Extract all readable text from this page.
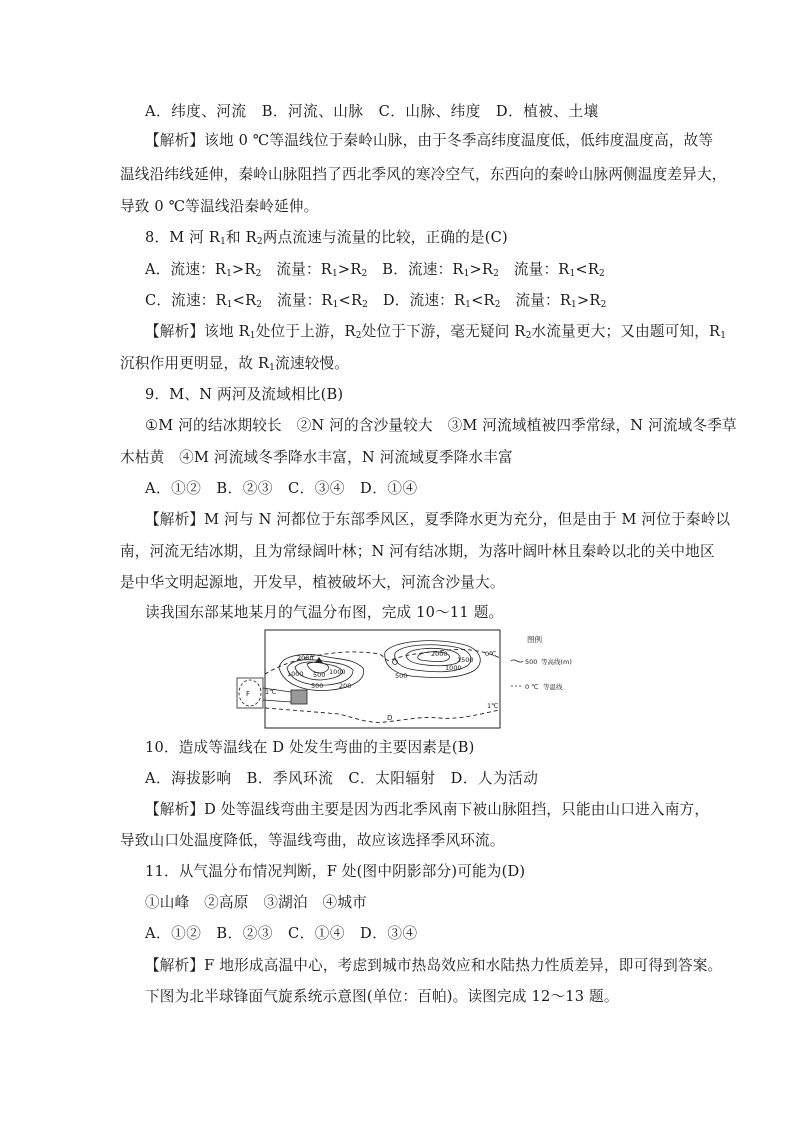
A．纬度、河流　B．河流、山脉　C．山脉、纬度　D．植被、土壤
【解析】该地 0 ℃等温线位于秦岭山脉，由于冬季高纬度温度低，低纬度温度高，故等
温线沿纬线延伸，秦岭山脉阻挡了西北季风的寒冷空气，东西向的秦岭山脉两侧温度差异大，
导致 0 ℃等温线沿秦岭延伸。
8．M 河 $R_1$和 $R_2$两点流速与流量的比较，正确的是(C)
A．流速：$R_1>R_2$　流量：$R_1>R_2$　B．流速：$R_1>R_2$　流量：$R_1<R_2$
C．流速：$R_1<R_2$　流量：$R_1<R_2$　D．流速：$R_1<R_2$　流量：$R_1>R_2$
【解析】该地 $R_1$处位于上游，$R_2$处位于下游，毫无疑问 $R_2$水流量更大；又由题可知，$R_1$
沉积作用更明显，故 $R_1$流速较慢。
9．M、N 两河及流域相比(B)
①M 河的结冰期较长　②N 河的含沙量较大　③M 河流域植被四季常绿，N 河流域冬季草
木枯黄　④M 河流域冬季降水丰富，N 河流域夏季降水丰富
A．①②　B．②③　C．③④　D．①④
【解析】M 河与 N 河都位于东部季风区，夏季降水更为充分，但是由于 M 河位于秦岭以
南，河流无结冰期，且为常绿阔叶林；N 河有结冰期，为落叶阔叶林且秦岭以北的关中地区
是中华文明起源地，开发早，植被破坏大，河流含沙量大。
读我国东部某地某月的气温分布图，完成 10～11 题。
2000
1000 500 1000
500 200
2000
1500
1000
500
0℃
1℃
1℃
F
D
图例
500 等高线(m)
0 ℃ 等温线
10．造成等温线在 D 处发生弯曲的主要因素是(B)
A．海拔影响　B．季风环流　C．太阳辐射　D．人为活动
【解析】D 处等温线弯曲主要是因为西北季风南下被山脉阻挡，只能由山口进入南方，
导致山口处温度降低，等温线弯曲，故应该选择季风环流。
11．从气温分布情况判断，F 处(图中阴影部分)可能为(D)
①山峰　②高原　③湖泊　④城市
A．①②　B．②③　C．①④　D．③④
【解析】F 地形成高温中心，考虑到城市热岛效应和水陆热力性质差异，即可得到答案。
下图为北半球锋面气旋系统示意图(单位：百帕)。读图完成 12～13 题。
